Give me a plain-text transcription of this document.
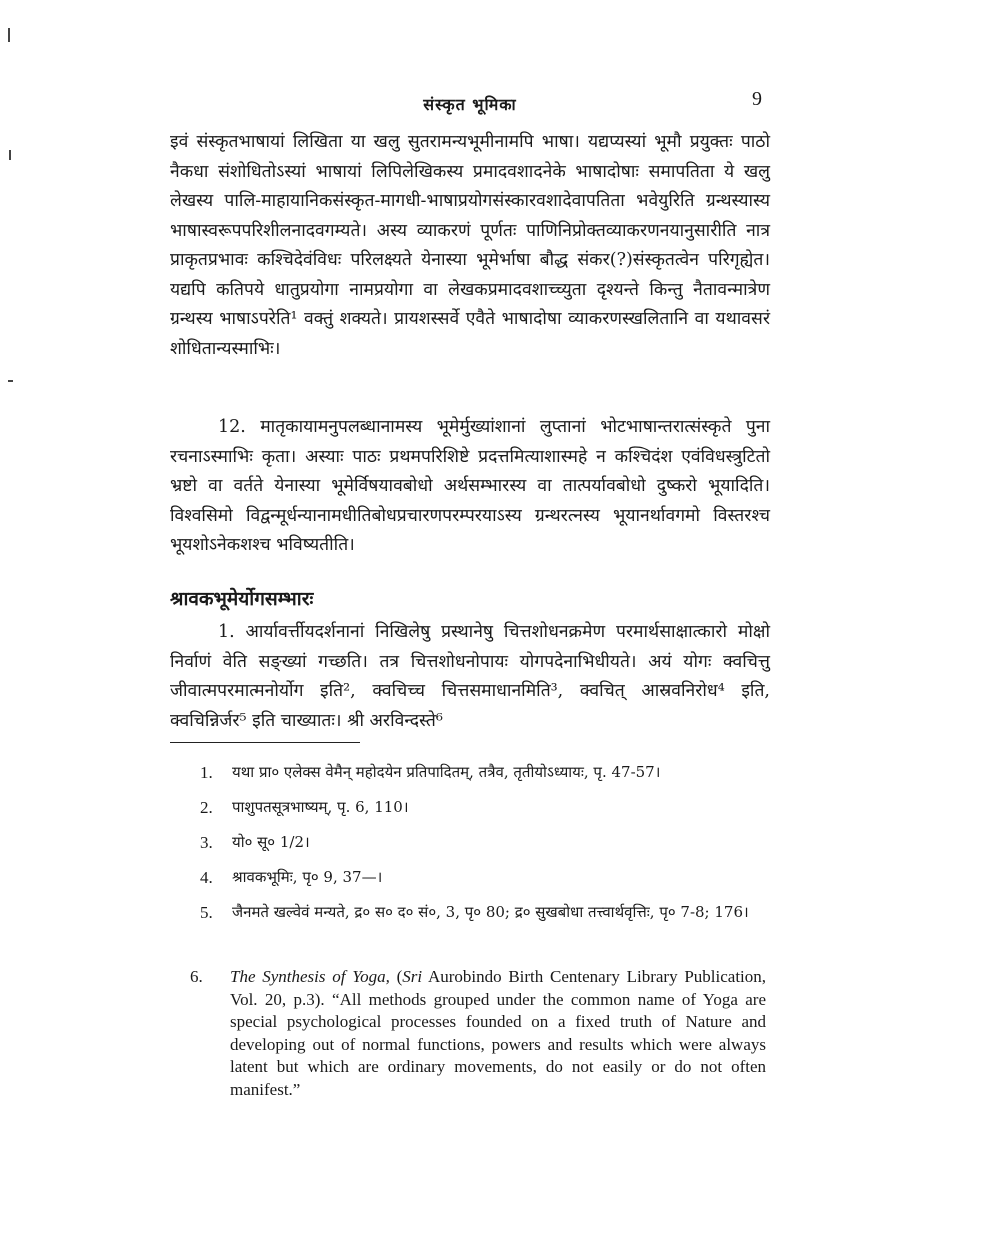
संस्कृत भूमिका	9
इवं संस्कृतभाषायां लिखिता या खलु सुतरामन्यभूमीनामपि भाषा। यद्यप्यस्यां भूमौ प्रयुक्तः पाठो नैकधा संशोधितोऽस्यां भाषायां लिपिलेखिकस्य प्रमादवशादनेके भाषादोषाः समापतिता ये खलु लेखस्य पालि-माहायानिकसंस्कृत-मागधी-भाषाप्रयोगसंस्कारवशादेवापतिता भवेयुरिति ग्रन्थस्यास्य भाषास्वरूपपरिशीलनादवगम्यते। अस्य व्याकरणं पूर्णतः पाणिनिप्रोक्तव्याकरणनयानुसारीति नात्र प्राकृतप्रभावः कश्चिदेवंविधः परिलक्ष्यते येनास्या भूमेर्भाषा बौद्ध संकर(?)संस्कृतत्वेन परिगृह्येत। यद्यपि कतिपये धातुप्रयोगा नामप्रयोगा वा लेखकप्रमादवशाच्च्युता दृश्यन्ते किन्तु नैतावन्मात्रेण ग्रन्थस्य भाषाऽपरेति¹ वक्तुं शक्यते। प्रायशस्सर्वे एवैते भाषादोषा व्याकरणस्खलितानि वा यथावसरं शोधितान्यस्माभिः।
12. मातृकायामनुपलब्धानामस्य भूमेर्मुख्यांशानां लुप्तानां भोटभाषान्तरात्संस्कृते पुना रचनाऽस्माभिः कृता। अस्याः पाठः प्रथमपरिशिष्टे प्रदत्तमित्याशास्महे न कश्चिदंश एवंविधस्त्रुटितो भ्रष्टो वा वर्तते येनास्या भूमेर्विषयावबोधो अर्थसम्भारस्य वा तात्पर्यावबोधो दुष्करो भूयादिति। विश्वसिमो विद्वन्मूर्धन्यानामधीतिबोधप्रचारणपरम्परयाऽस्य ग्रन्थरत्नस्य भूयानर्थावगमो विस्तरश्च भूयशोऽनेकशश्च भविष्यतीति।
श्रावकभूमेर्योगसम्भारः
1. आर्यावर्त्तीयदर्शनानां निखिलेषु प्रस्थानेषु चित्तशोधनक्रमेण परमार्थसाक्षात्कारो मोक्षो निर्वाणं वेति सङ्ख्यां गच्छति। तत्र चित्तशोधनोपायः योगपदेनाभिधीयते। अयं योगः क्वचित्तु जीवात्मपरमात्मनोर्योग इति², क्वचिच्च चित्तसमाधानमिति³, क्वचित् आस्रवनिरोध⁴ इति, क्वचिन्निर्जर⁵ इति चाख्यातः। श्री अरविन्दस्ते⁶
1.	यथा प्रा० एलेक्स वेमैन् महोदयेन प्रतिपादितम्, तत्रैव, तृतीयोऽध्यायः, पृ. 47-57।
2.	पाशुपतसूत्रभाष्यम्, पृ. 6, 110।
3.	यो० सू० 1/2।
4.	श्रावकभूमिः, पृ० 9, 37—।
5.	जैनमते खल्वेवं मन्यते, द्र० स० द० सं०, 3, पृ० 80; द्र० सुखबोधा तत्त्वार्थवृत्तिः, पृ० 7-8; 176।
6.	The Synthesis of Yoga, (Sri Aurobindo Birth Centenary Library Publication, Vol. 20, p.3). “All methods grouped under the common name of Yoga are special psychological processes founded on a fixed truth of Nature and developing out of normal functions, powers and results which were always latent but which are ordinary movements, do not easily or do not often manifest.”
